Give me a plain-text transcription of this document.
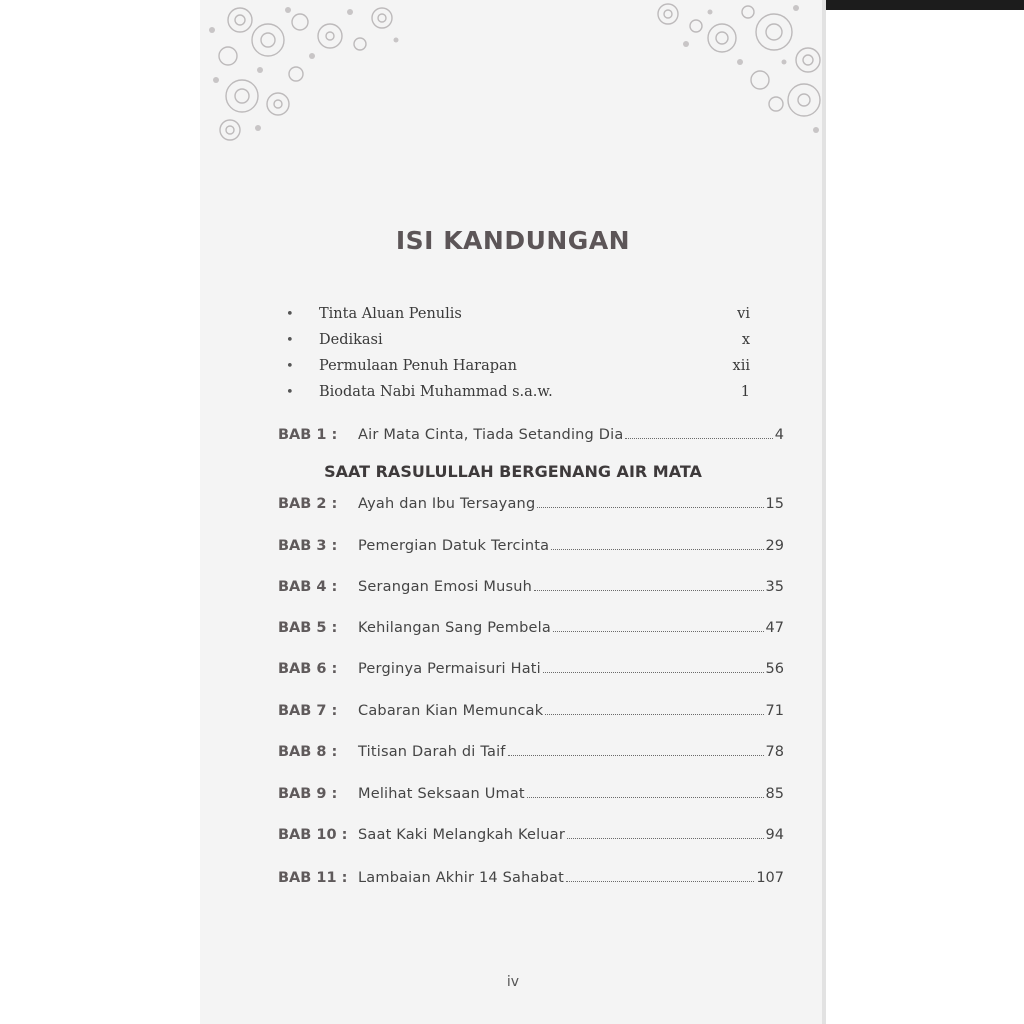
ISI KANDUNGAN
• Tinta Aluan Penulis	vi
• Dedikasi	x
• Permulaan Penuh Harapan	xii
• Biodata Nabi Muhammad s.a.w.	1
BAB 1 : Air Mata Cinta, Tiada Setanding Dia	4
SAAT RASULULLAH BERGENANG AIR MATA
BAB 2 : Ayah dan Ibu Tersayang	15
BAB 3 : Pemergian Datuk Tercinta	29
BAB 4 : Serangan Emosi Musuh	35
BAB 5 : Kehilangan Sang Pembela	47
BAB 6 : Perginya Permaisuri Hati	56
BAB 7 : Cabaran Kian Memuncak	71
BAB 8 : Titisan Darah di Taif	78
BAB 9 : Melihat Seksaan Umat	85
BAB 10 : Saat Kaki Melangkah Keluar	94
BAB 11 : Lambaian Akhir 14 Sahabat	107
iv
